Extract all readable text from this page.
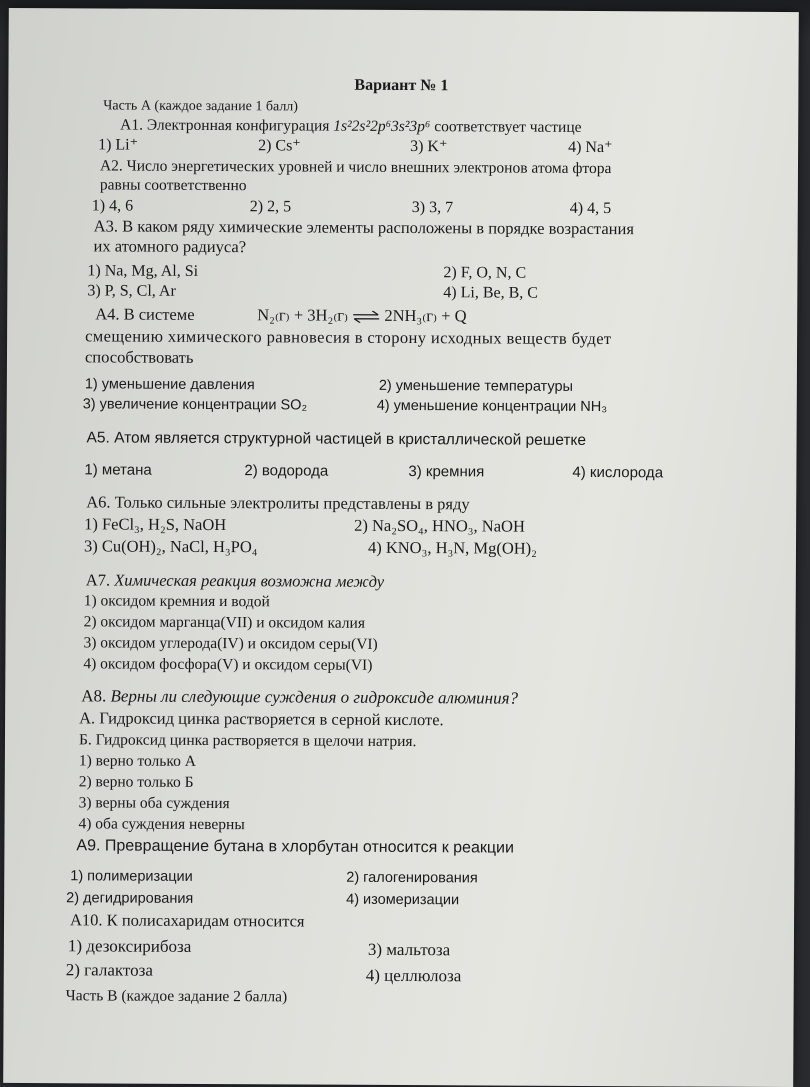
Вариант № 1
Часть А (каждое задание 1 балл)
А1. Электронная конфигурация 1s²2s²2p⁶3s²3p⁶ соответствует частице
1) Li⁺	2) Cs⁺	3) K⁺	4) Na⁺
А2. Число энергетических уровней и число внешних электронов атома фтора
равны соответственно
1) 4, 6	2) 2, 5	3) 3, 7	4) 4, 5
А3. В каком ряду химические элементы расположены в порядке возрастания
их атомного радиуса?
1) Na, Mg, Al, Si	2) F, O, N, C
3) P, S, Cl, Ar	4) Li, Be, B, C
А4. В системе	N₂₍г₎ + 3H₂₍г₎ ⇌ 2NH₃₍г₎ + Q
смещению химического равновесия в сторону исходных веществ будет
способствовать
1) уменьшение давления	2) уменьшение температуры
3) увеличение концентрации SO₂	4) уменьшение концентрации NH₃
А5. Атом является структурной частицей в кристаллической решетке
1) метана	2) водорода	3) кремния	4) кислорода
А6. Только сильные электролиты представлены в ряду
1) FeCl₃, H₂S, NaOH	2) Na₂SO₄, HNO₃, NaOH
3) Cu(OH)₂, NaCl, H₃PO₄	4) KNO₃, H₃N, Mg(OH)₂
А7. Химическая реакция возможна между
1) оксидом кремния и водой
2) оксидом марганца(VII) и оксидом калия
3) оксидом углерода(IV) и оксидом серы(VI)
4) оксидом фосфора(V) и оксидом серы(VI)
А8. Верны ли следующие суждения о гидроксиде алюминия?
А. Гидроксид цинка растворяется в серной кислоте.
Б. Гидроксид цинка растворяется в щелочи натрия.
1) верно только А
2) верно только Б
3) верны оба суждения
4) оба суждения неверны
А9. Превращение бутана в хлорбутан относится к реакции
1) полимеризации	2) галогенирования
2) дегидрирования	4) изомеризации
А10. К полисахаридам относится
1) дезоксирибоза	3) мальтоза
2) галактоза	4) целлюлоза
Часть В (каждое задание 2 балла)
